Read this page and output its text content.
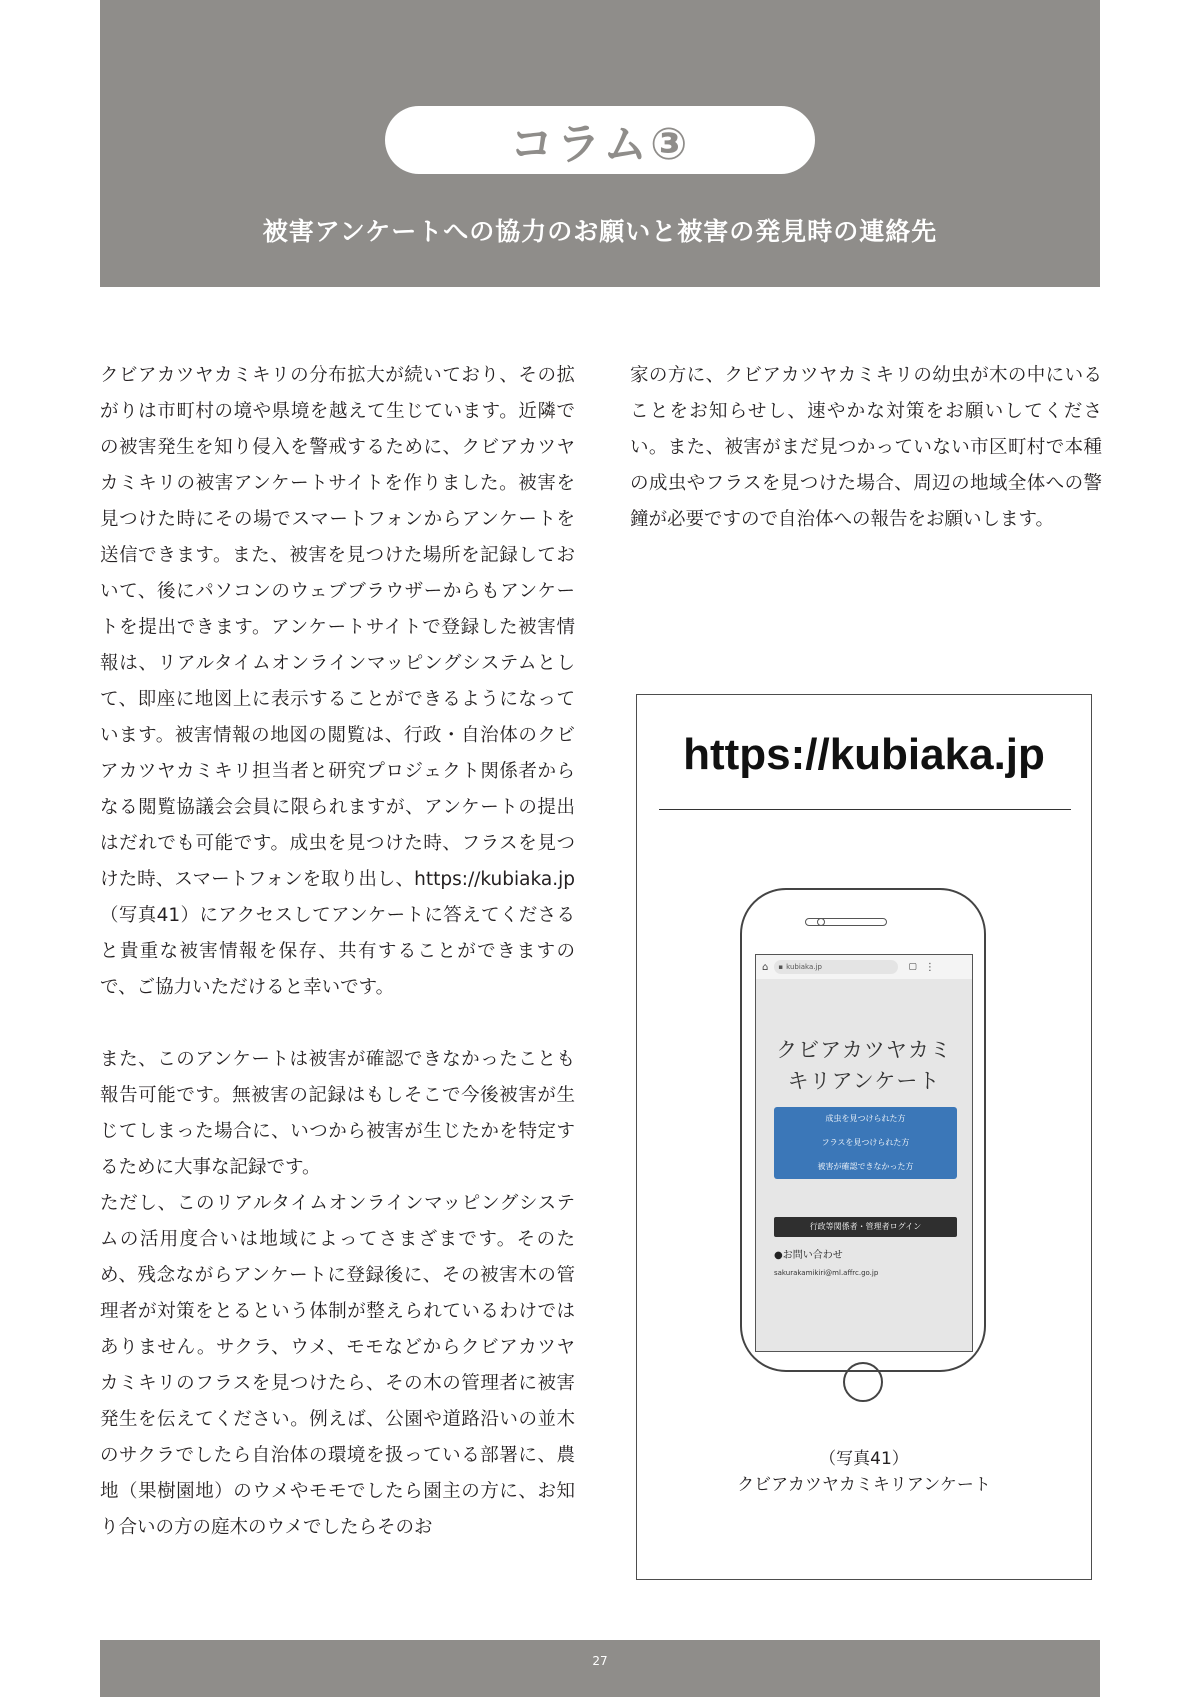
コラム③
被害アンケートへの協力のお願いと被害の発見時の連絡先

クビアカツヤカミキリの分布拡大が続いており、その拡がりは市町村の境や県境を越えて生じています。近隣での被害発生を知り侵入を警戒するために、クビアカツヤカミキリの被害アンケートサイトを作りました。被害を見つけた時にその場でスマートフォンからアンケートを送信できます。また、被害を見つけた場所を記録しておいて、後にパソコンのウェブブラウザーからもアンケートを提出できます。アンケートサイトで登録した被害情報は、リアルタイムオンラインマッピングシステムとして、即座に地図上に表示することができるようになっています。被害情報の地図の閲覧は、行政・自治体のクビアカツヤカミキリ担当者と研究プロジェクト関係者からなる閲覧協議会会員に限られますが、アンケートの提出はだれでも可能です。成虫を見つけた時、フラスを見つけた時、スマートフォンを取り出し、https://kubiaka.jp（写真41）にアクセスしてアンケートに答えてくださると貴重な被害情報を保存、共有することができますので、ご協力いただけると幸いです。

また、このアンケートは被害が確認できなかったことも報告可能です。無被害の記録はもしそこで今後被害が生じてしまった場合に、いつから被害が生じたかを特定するために大事な記録です。

ただし、このリアルタイムオンラインマッピングシステムの活用度合いは地域によってさまざまです。そのため、残念ながらアンケートに登録後に、その被害木の管理者が対策をとるという体制が整えられているわけではありません。サクラ、ウメ、モモなどからクビアカツヤカミキリのフラスを見つけたら、その木の管理者に被害発生を伝えてください。例えば、公園や道路沿いの並木のサクラでしたら自治体の環境を扱っている部署に、農地（果樹園地）のウメやモモでしたら園主の方に、お知り合いの方の庭木のウメでしたらそのお

家の方に、クビアカツヤカミキリの幼虫が木の中にいることをお知らせし、速やかな対策をお願いしてください。また、被害がまだ見つかっていない市区町村で本種の成虫やフラスを見つけた場合、周辺の地域全体への警鐘が必要ですので自治体への報告をお願いします。

https://kubiaka.jp
⌂ ▪ kubiaka.jp	▢ ⋮
クビアカツヤカミ
キリアンケート
成虫を見つけられた方
フラスを見つけられた方
被害が確認できなかった方
行政等関係者・管理者ログイン
●お問い合わせ
sakurakamikiri@ml.affrc.go.jp
（写真41）
クビアカツヤカミキリアンケート
27
